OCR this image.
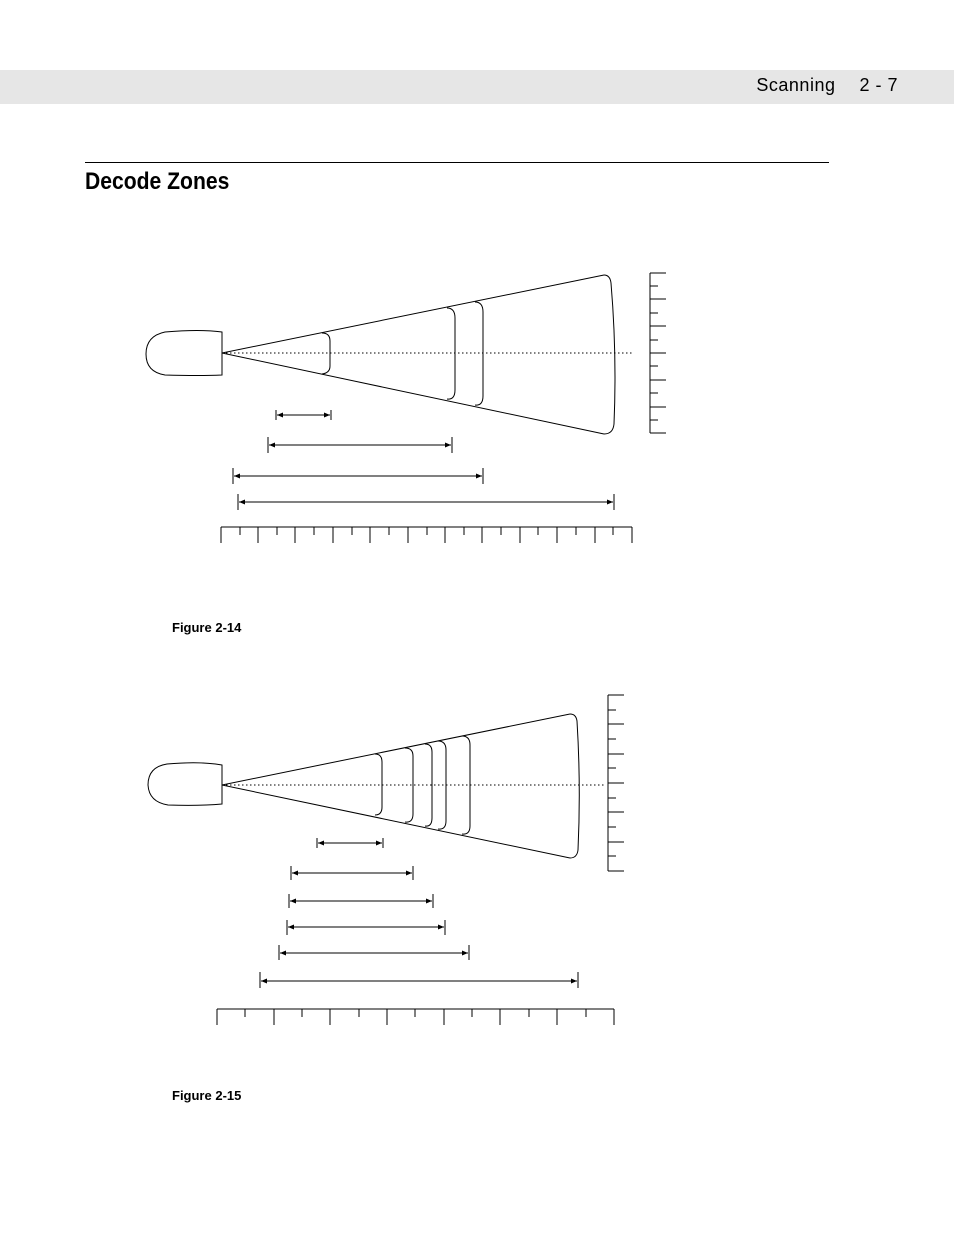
Scanning 2 - 7
Decode Zones
Figure 2-14
Figure 2-15
